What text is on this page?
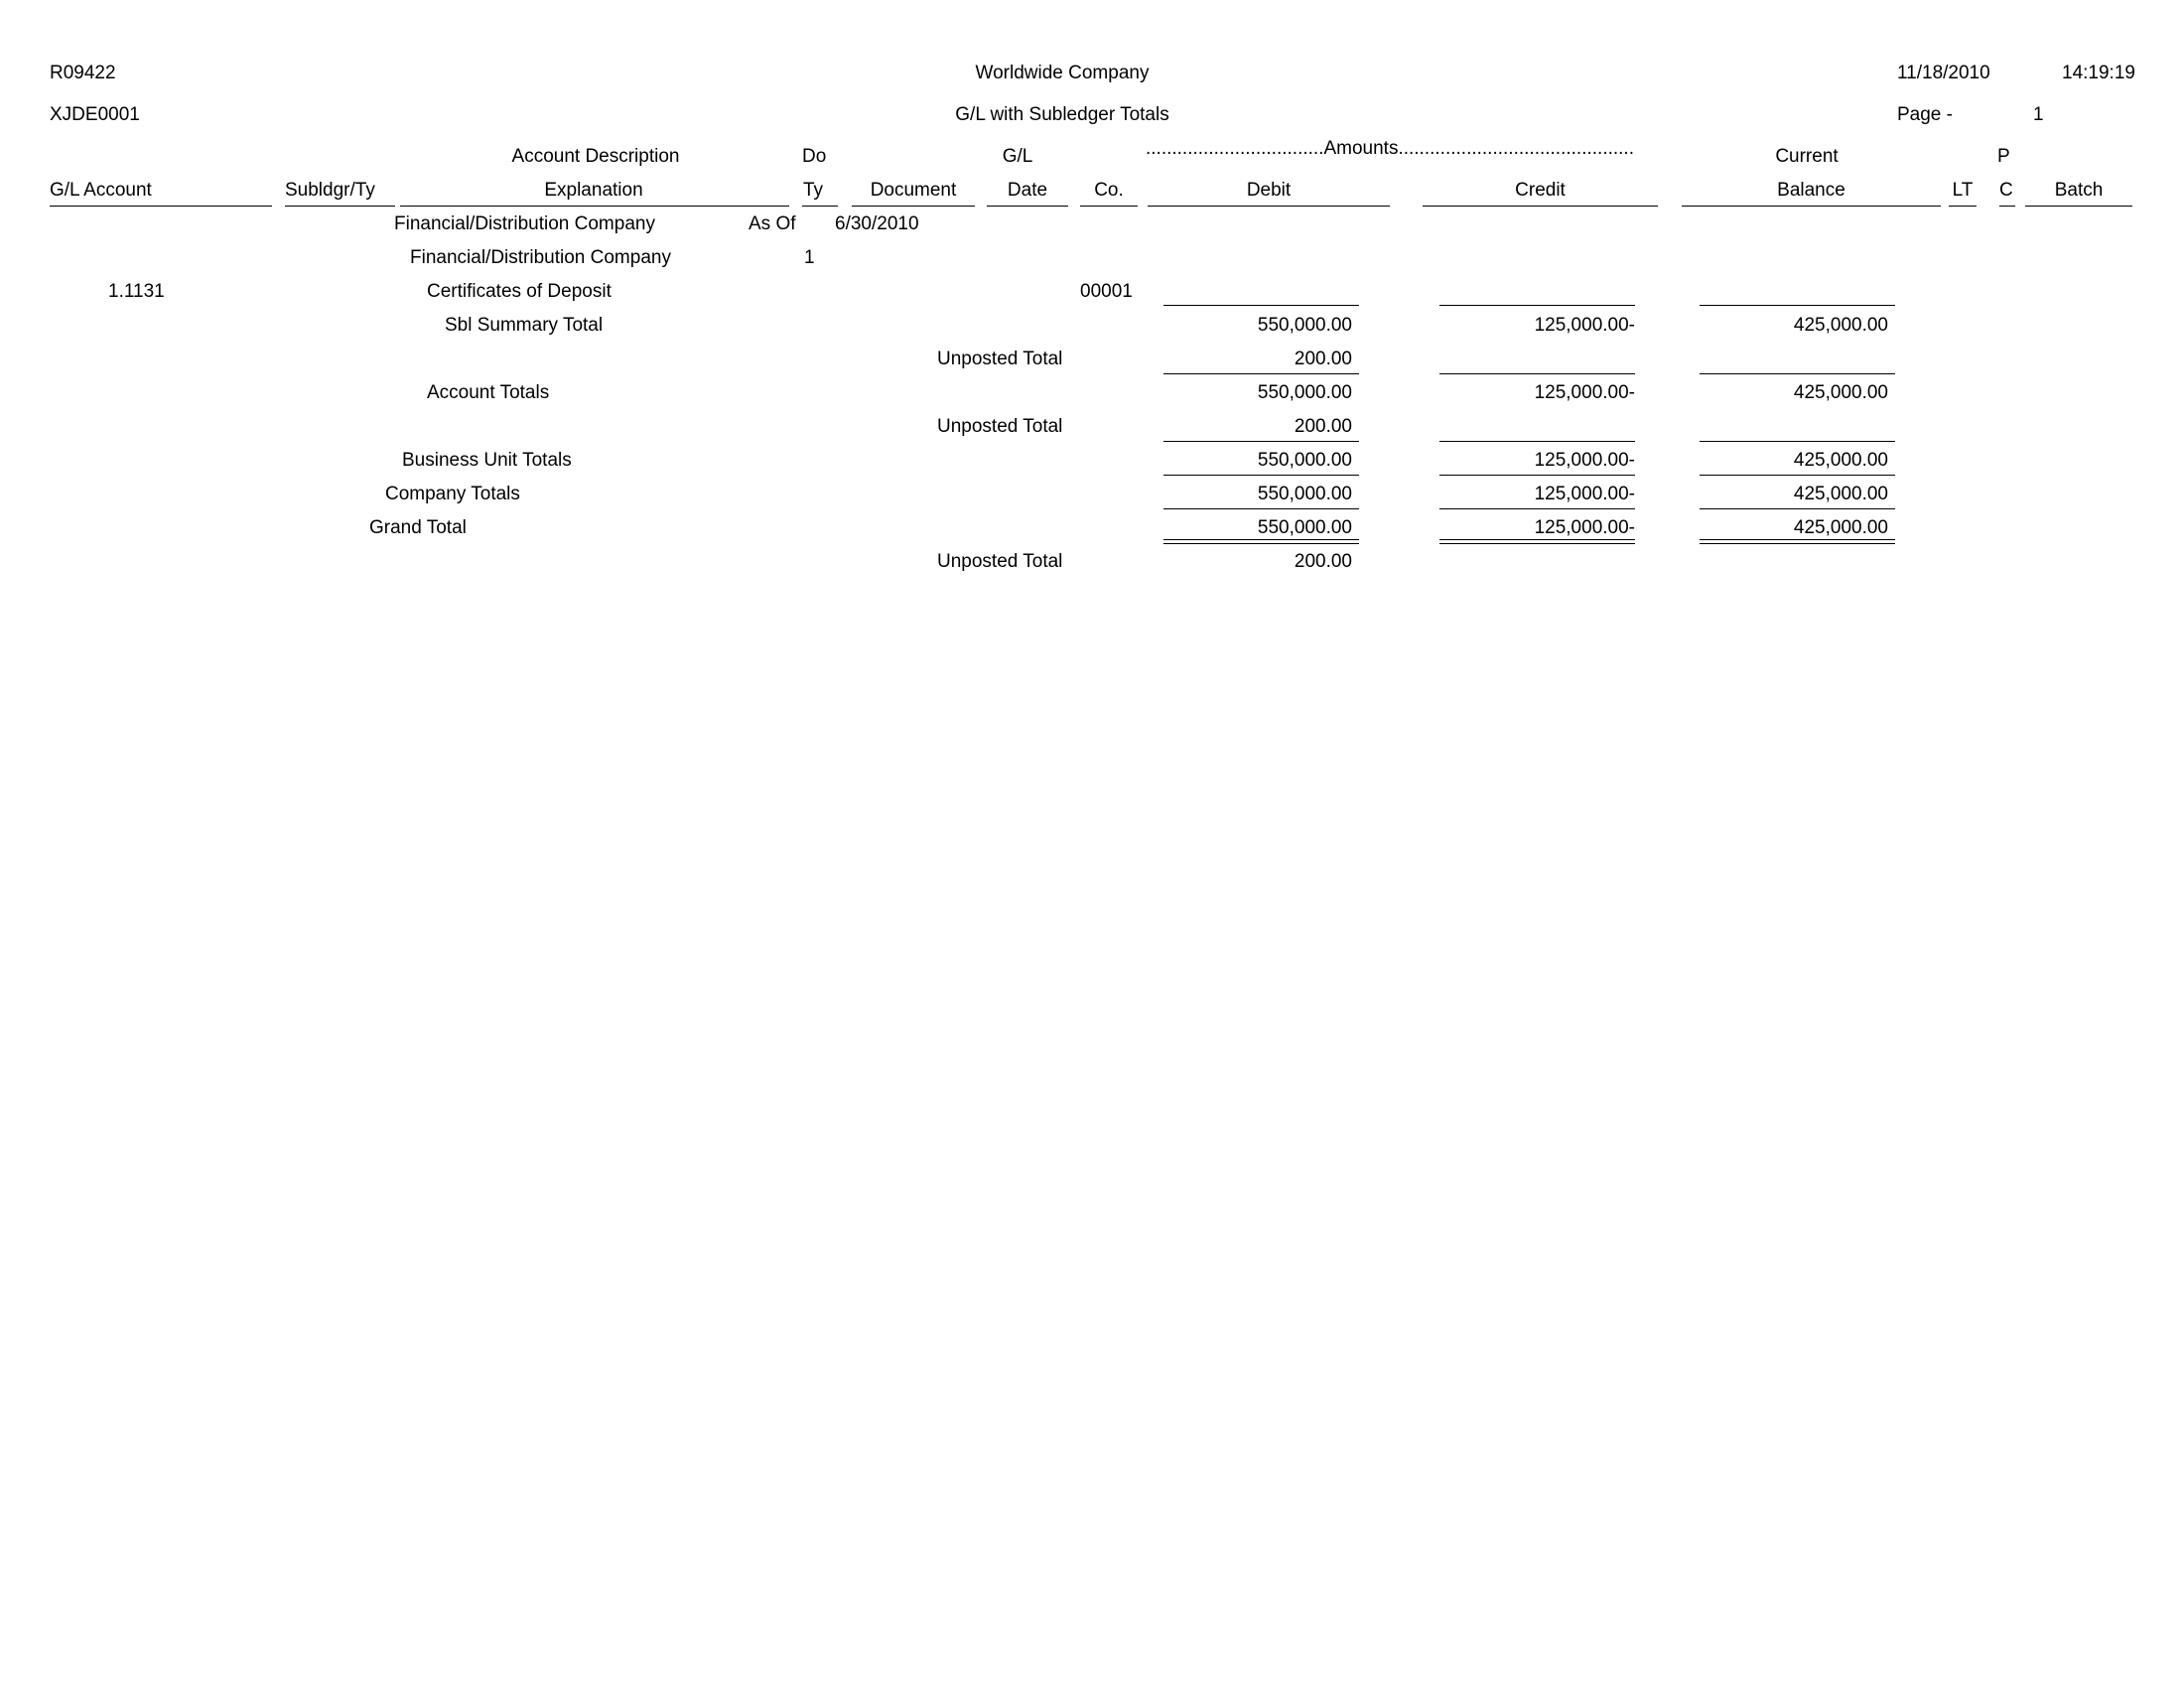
R09422	Worldwide Company	11/18/2010	14:19:19
XJDE0001	G/L with Subledger Totals	Page -	1
Account Description	Do	G/L	..................................Amounts.............................................	Current	P
G/L Account	Subldgr/Ty	Explanation	Ty	Document	Date	Co.	Debit	Credit	Balance	LT C	Batch
Financial/Distribution Company	As Of 6/30/2010
Financial/Distribution Company	1
1.1131	Certificates of Deposit	00001
Sbl Summary Total	550,000.00	125,000.00-	425,000.00
Unposted Total	200.00
Account Totals	550,000.00	125,000.00-	425,000.00
Unposted Total	200.00
Business Unit Totals	550,000.00	125,000.00-	425,000.00
Company Totals	550,000.00	125,000.00-	425,000.00
Grand Total	550,000.00	125,000.00-	425,000.00
Unposted Total	200.00
